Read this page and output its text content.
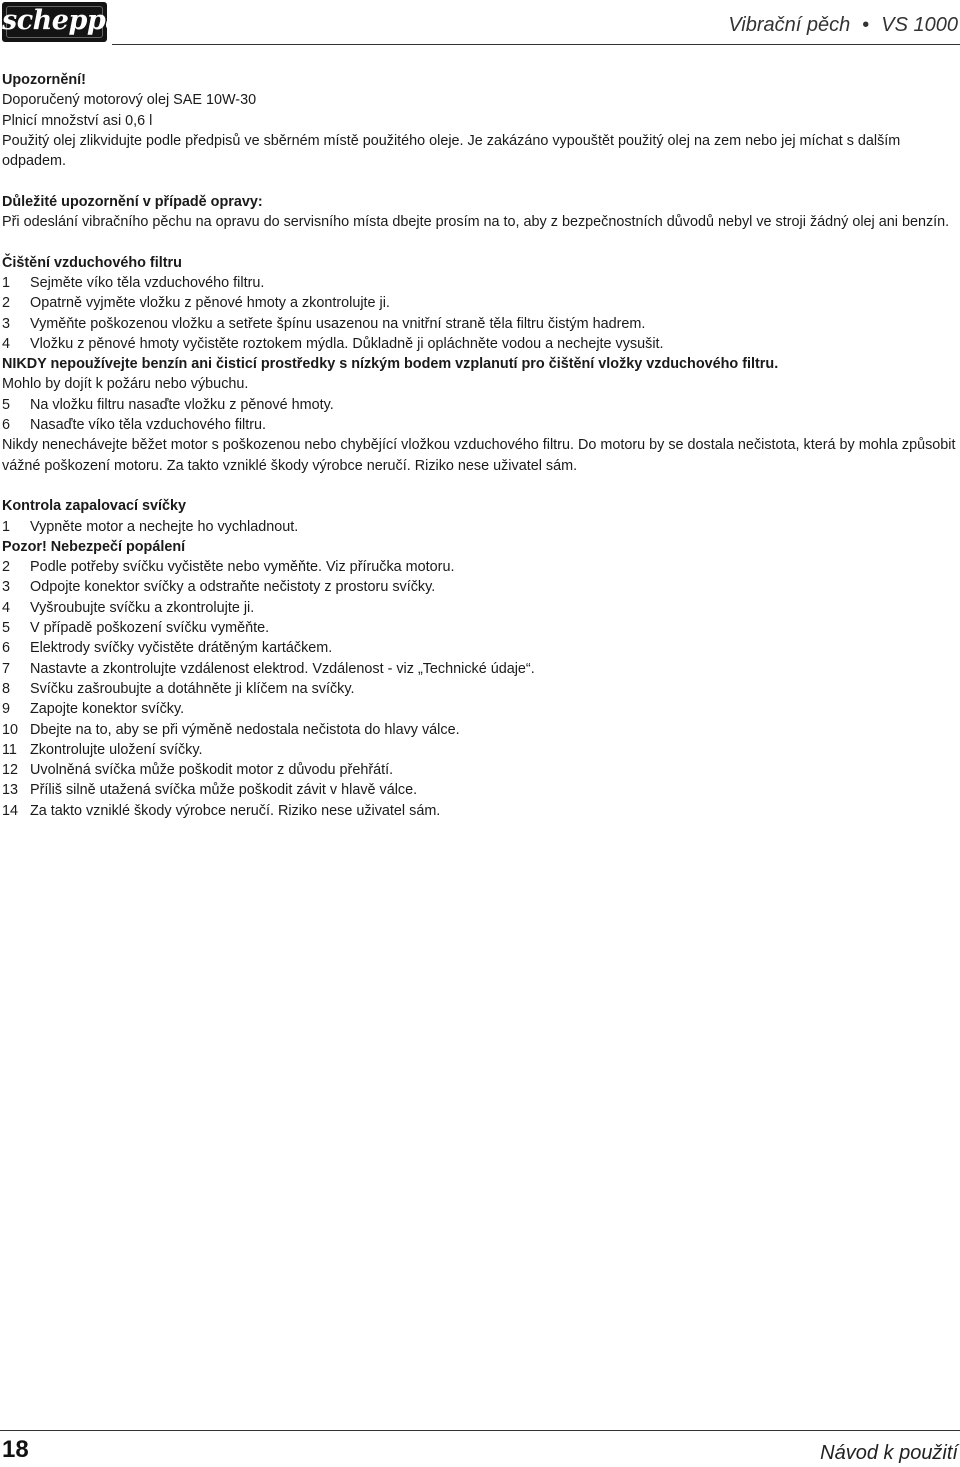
scheppach	Vibrační pěch • VS 1000

Upozornění!

Doporučený motorový olej SAE 10W-30

Plnicí množství asi 0,6 l

Použitý olej zlikvidujte podle předpisů ve sběrném místě použitého oleje. Je zakázáno vypouštět použitý olej na zem nebo jej míchat s dalším odpadem.

Důležité upozornění v případě opravy:

Při odeslání vibračního pěchu na opravu do servisního místa dbejte prosím na to, aby z bezpečnostních důvodů nebyl ve stroji žádný olej ani benzín.

Čištění vzduchového filtru

1 Sejměte víko těla vzduchového filtru.
2 Opatrně vyjměte vložku z pěnové hmoty a zkontrolujte ji.
3 Vyměňte poškozenou vložku a setřete špínu usazenou na vnitřní straně těla filtru čistým hadrem.
4 Vložku z pěnové hmoty vyčistěte roztokem mýdla. Důkladně ji opláchněte vodou a nechejte vysušit.

NIKDY nepoužívejte benzín ani čisticí prostředky s nízkým bodem vzplanutí pro čištění vložky vzduchového filtru.

Mohlo by dojít k požáru nebo výbuchu.

5 Na vložku filtru nasaďte vložku z pěnové hmoty.
6 Nasaďte víko těla vzduchového filtru.

Nikdy nenechávejte běžet motor s poškozenou nebo chybějící vložkou vzduchového filtru. Do motoru by se dostala nečistota, která by mohla způsobit vážné poškození motoru. Za takto vzniklé škody výrobce neručí. Riziko nese uživatel sám.

Kontrola zapalovací svíčky

1 Vypněte motor a nechejte ho vychladnout.

Pozor! Nebezpečí popálení

2 Podle potřeby svíčku vyčistěte nebo vyměňte. Viz příručka motoru.
3 Odpojte konektor svíčky a odstraňte nečistoty z prostoru svíčky.
4 Vyšroubujte svíčku a zkontrolujte ji.
5 V případě poškození svíčku vyměňte.
6 Elektrody svíčky vyčistěte drátěným kartáčkem.
7 Nastavte a zkontrolujte vzdálenost elektrod. Vzdálenost - viz „Technické údaje“.
8 Svíčku zašroubujte a dotáhněte ji klíčem na svíčky.
9 Zapojte konektor svíčky.
10 Dbejte na to, aby se při výměně nedostala nečistota do hlavy válce.
11 Zkontrolujte uložení svíčky.
12 Uvolněná svíčka může poškodit motor z důvodu přehřátí.
13 Příliš silně utažená svíčka může poškodit závit v hlavě válce.
14 Za takto vzniklé škody výrobce neručí. Riziko nese uživatel sám.
18	Návod k použití
